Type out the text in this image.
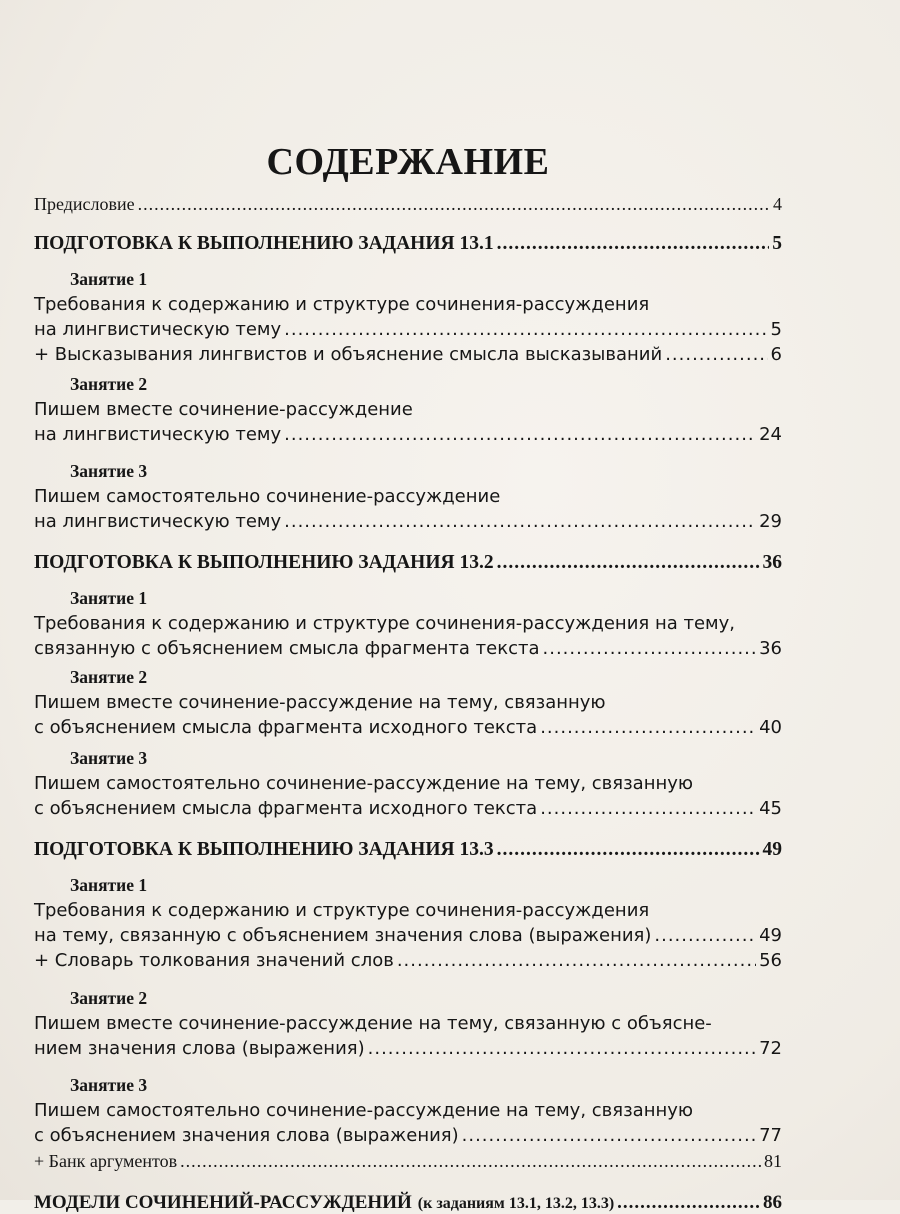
СОДЕРЖАНИЕ
Предисловие .....	4
ПОДГОТОВКА К ВЫПОЛНЕНИЮ ЗАДАНИЯ 13.1 .....	5
Занятие 1
Требования к содержанию и структуре сочинения-рассуждения
на лингвистическую тему .....	5
+ Высказывания лингвистов и объяснение смысла высказываний .....	6
Занятие 2
Пишем вместе сочинение-рассуждение
на лингвистическую тему .....	24
Занятие 3
Пишем самостоятельно сочинение-рассуждение
на лингвистическую тему .....	29
ПОДГОТОВКА К ВЫПОЛНЕНИЮ ЗАДАНИЯ 13.2 .....	36
Занятие 1
Требования к содержанию и структуре сочинения-рассуждения на тему,
связанную с объяснением смысла фрагмента текста .....	36
Занятие 2
Пишем вместе сочинение-рассуждение на тему, связанную
с объяснением смысла фрагмента исходного текста .....	40
Занятие 3
Пишем самостоятельно сочинение-рассуждение на тему, связанную
с объяснением смысла фрагмента исходного текста .....	45
ПОДГОТОВКА К ВЫПОЛНЕНИЮ ЗАДАНИЯ 13.3 .....	49
Занятие 1
Требования к содержанию и структуре сочинения-рассуждения
на тему, связанную с объяснением значения слова (выражения) .....	49
+ Словарь толкования значений слов .....	56
Занятие 2
Пишем вместе сочинение-рассуждение на тему, связанную с объясне-
нием значения слова (выражения) .....	72
Занятие 3
Пишем самостоятельно сочинение-рассуждение на тему, связанную
с объяснением значения слова (выражения) .....	77
+ Банк аргументов .....	81
МОДЕЛИ СОЧИНЕНИЙ-РАССУЖДЕНИЙ (к заданиям 13.1, 13.2, 13.3) .....	86
